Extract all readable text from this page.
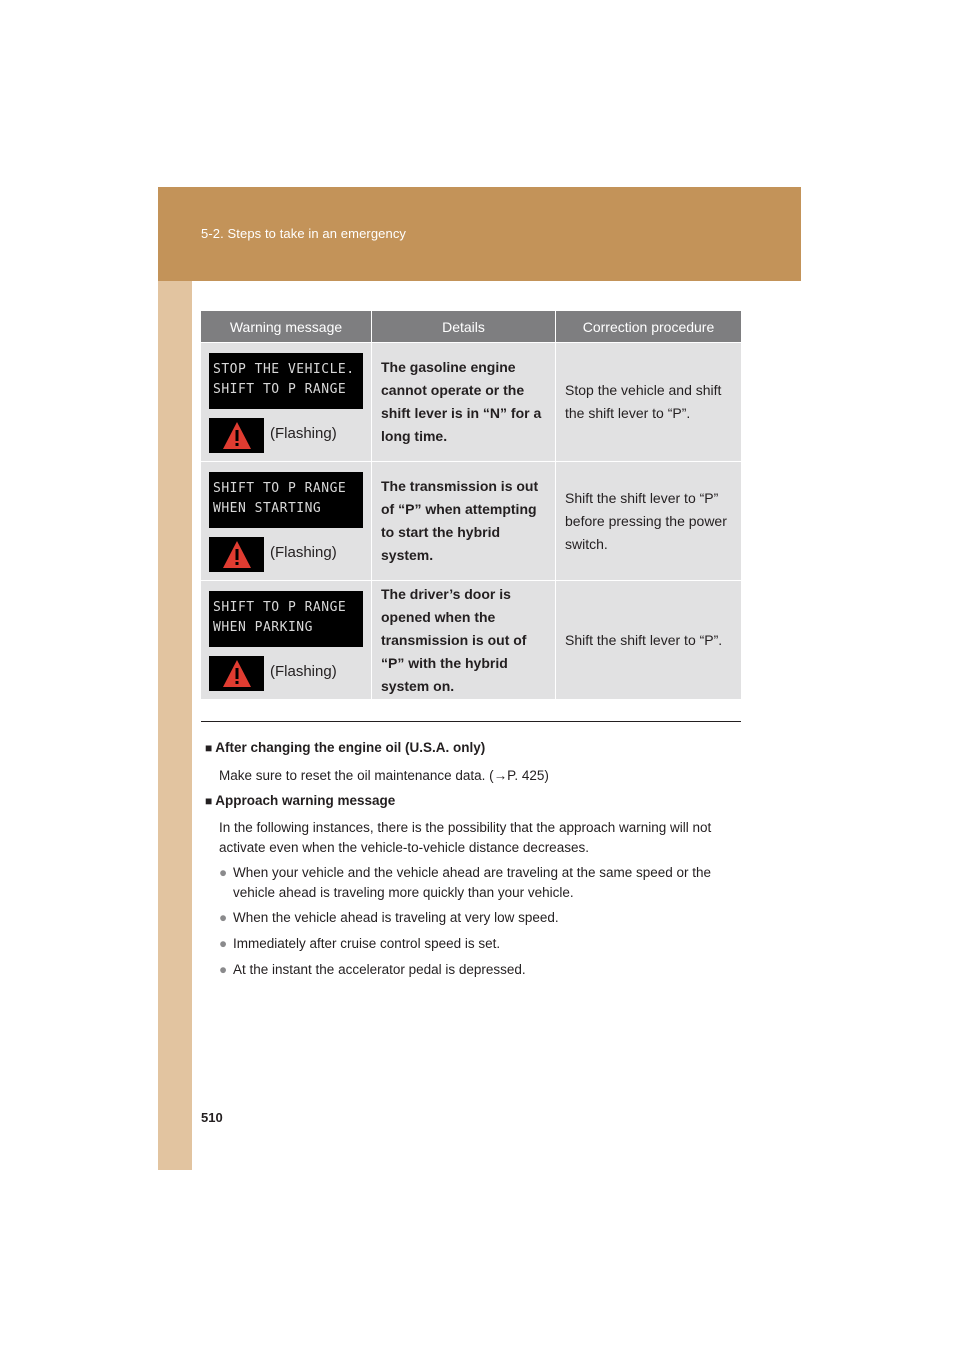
5-2. Steps to take in an emergency
Warning message	Details	Correction procedure

STOP THE VEHICLE.
SHIFT TO P RANGE
(Flashing)	The gasoline engine cannot operate or the shift lever is in “N” for a long time.	Stop the vehicle and shift the shift lever to “P”.

SHIFT TO P RANGE
WHEN STARTING
(Flashing)	The transmission is out of “P” when attempting to start the hybrid system.	Shift the shift lever to “P” before pressing the power switch.

SHIFT TO P RANGE
WHEN PARKING
(Flashing)	The driver’s door is opened when the transmission is out of “P” with the hybrid system on.	Shift the shift lever to “P”.
■ After changing the engine oil (U.S.A. only)
Make sure to reset the oil maintenance data. (→P. 425)
■ Approach warning message
In the following instances, there is the possibility that the approach warning will not activate even when the vehicle-to-vehicle distance decreases.
● When your vehicle and the vehicle ahead are traveling at the same speed or the vehicle ahead is traveling more quickly than your vehicle.
● When the vehicle ahead is traveling at very low speed.
● Immediately after cruise control speed is set.
● At the instant the accelerator pedal is depressed.
510
